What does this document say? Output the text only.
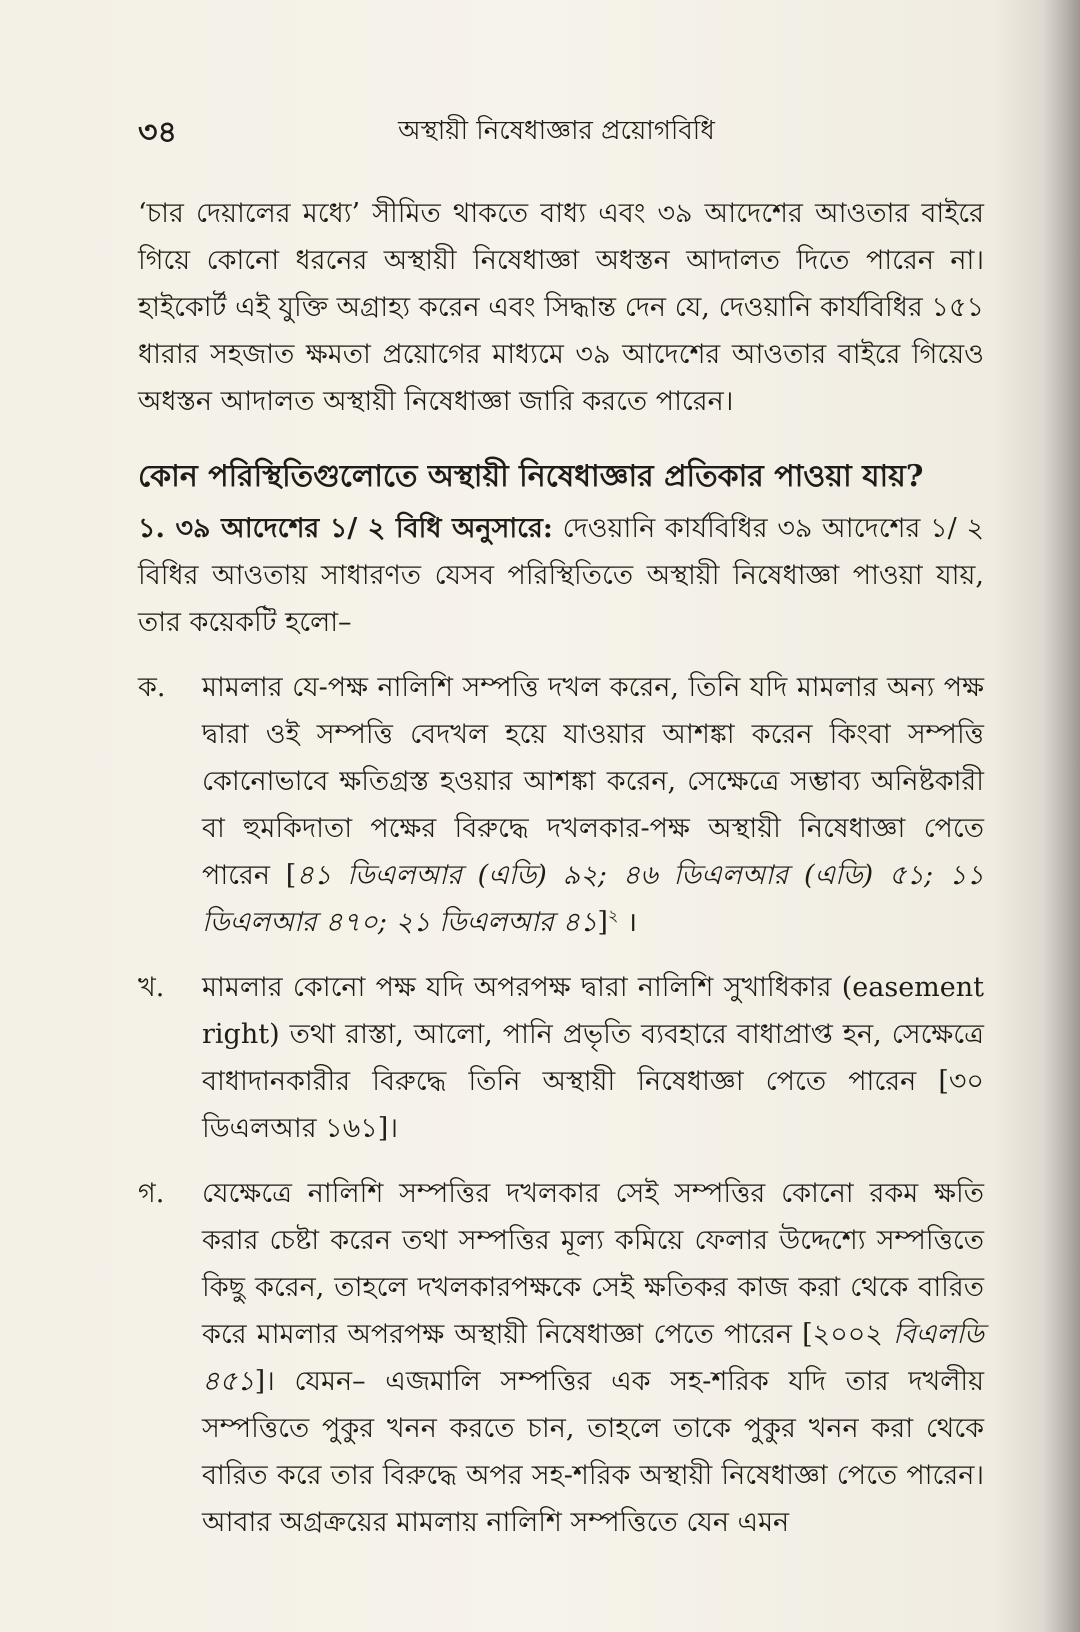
৩৪	অস্থায়ী নিষেধাজ্ঞার প্রয়োগবিধি

‘চার দেয়ালের মধ্যে’ সীমিত থাকতে বাধ্য এবং ৩৯ আদেশের আওতার বাইরে গিয়ে কোনো ধরনের অস্থায়ী নিষেধাজ্ঞা অধস্তন আদালত দিতে পারেন না। হাইকোর্ট এই যুক্তি অগ্রাহ্য করেন এবং সিদ্ধান্ত দেন যে, দেওয়ানি কার্যবিধির ১৫১ ধারার সহজাত ক্ষমতা প্রয়োগের মাধ্যমে ৩৯ আদেশের আওতার বাইরে গিয়েও অধস্তন আদালত অস্থায়ী নিষেধাজ্ঞা জারি করতে পারেন।

কোন পরিস্থিতিগুলোতে অস্থায়ী নিষেধাজ্ঞার প্রতিকার পাওয়া যায়?

১. ৩৯ আদেশের ১/ ২ বিধি অনুসারে: দেওয়ানি কার্যবিধির ৩৯ আদেশের ১/ ২ বিধির আওতায় সাধারণত যেসব পরিস্থিতিতে অস্থায়ী নিষেধাজ্ঞা পাওয়া যায়, তার কয়েকটি হলো–

ক. মামলার যে-পক্ষ নালিশি সম্পত্তি দখল করেন, তিনি যদি মামলার অন্য পক্ষ দ্বারা ওই সম্পত্তি বেদখল হয়ে যাওয়ার আশঙ্কা করেন কিংবা সম্পত্তি কোনোভাবে ক্ষতিগ্রস্ত হওয়ার আশঙ্কা করেন, সেক্ষেত্রে সম্ভাব্য অনিষ্টকারী বা হুমকিদাতা পক্ষের বিরুদ্ধে দখলকার-পক্ষ অস্থায়ী নিষেধাজ্ঞা পেতে পারেন [৪১ ডিএলআর (এডি) ৯২; ৪৬ ডিএলআর (এডি) ৫১; ১১ ডিএলআর ৪৭০; ২১ ডিএলআর ৪১]$^২$ ।

খ. মামলার কোনো পক্ষ যদি অপরপক্ষ দ্বারা নালিশি সুখাধিকার (easement right) তথা রাস্তা, আলো, পানি প্রভৃতি ব্যবহারে বাধাপ্রাপ্ত হন, সেক্ষেত্রে বাধাদানকারীর বিরুদ্ধে তিনি অস্থায়ী নিষেধাজ্ঞা পেতে পারেন [৩০ ডিএলআর ১৬১]।

গ. যেক্ষেত্রে নালিশি সম্পত্তির দখলকার সেই সম্পত্তির কোনো রকম ক্ষতি করার চেষ্টা করেন তথা সম্পত্তির মূল্য কমিয়ে ফেলার উদ্দেশ্যে সম্পত্তিতে কিছু করেন, তাহলে দখলকারপক্ষকে সেই ক্ষতিকর কাজ করা থেকে বারিত করে মামলার অপরপক্ষ অস্থায়ী নিষেধাজ্ঞা পেতে পারেন [২০০২ বিএলডি ৪৫১]। যেমন– এজমালি সম্পত্তির এক সহ-শরিক যদি তার দখলীয় সম্পত্তিতে পুকুর খনন করতে চান, তাহলে তাকে পুকুর খনন করা থেকে বারিত করে তার বিরুদ্ধে অপর সহ-শরিক অস্থায়ী নিষেধাজ্ঞা পেতে পারেন। আবার অগ্রক্রয়ের মামলায় নালিশি সম্পত্তিতে যেন এমন
